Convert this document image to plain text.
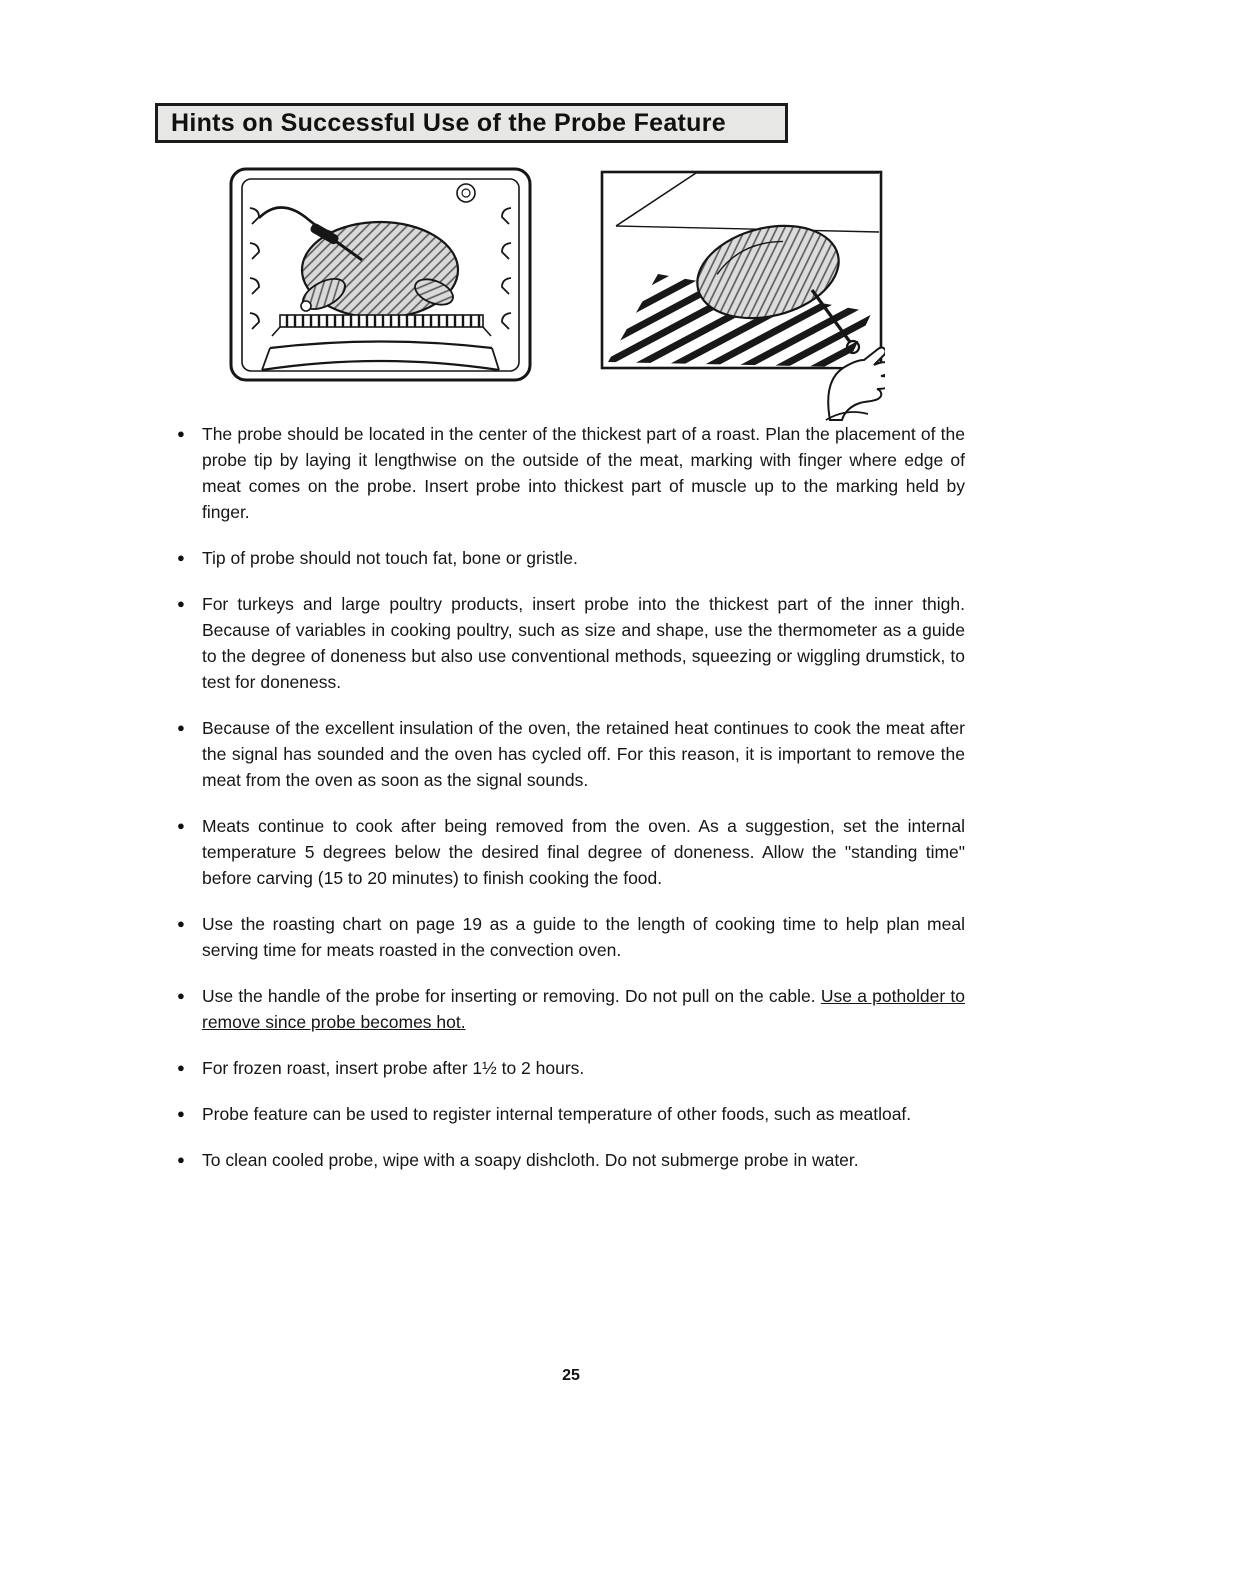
Hints on Successful Use of the Probe Feature
● The probe should be located in the center of the thickest part of a roast. Plan the placement of the probe tip by laying it lengthwise on the outside of the meat, marking with finger where edge of meat comes on the probe. Insert probe into thickest part of muscle up to the marking held by finger.

● Tip of probe should not touch fat, bone or gristle.

● For turkeys and large poultry products, insert probe into the thickest part of the inner thigh. Because of variables in cooking poultry, such as size and shape, use the thermometer as a guide to the degree of doneness but also use conventional methods, squeezing or wiggling drumstick, to test for doneness.

● Because of the excellent insulation of the oven, the retained heat continues to cook the meat after the signal has sounded and the oven has cycled off. For this reason, it is important to remove the meat from the oven as soon as the signal sounds.

● Meats continue to cook after being removed from the oven. As a suggestion, set the internal temperature 5 degrees below the desired final degree of doneness. Allow the "standing time" before carving (15 to 20 minutes) to finish cooking the food.

● Use the roasting chart on page 19 as a guide to the length of cooking time to help plan meal serving time for meats roasted in the convection oven.

● Use the handle of the probe for inserting or removing. Do not pull on the cable. Use a potholder to remove since probe becomes hot.

● For frozen roast, insert probe after 1½ to 2 hours.

● Probe feature can be used to register internal temperature of other foods, such as meatloaf.

● To clean cooled probe, wipe with a soapy dishcloth. Do not submerge probe in water.

25
